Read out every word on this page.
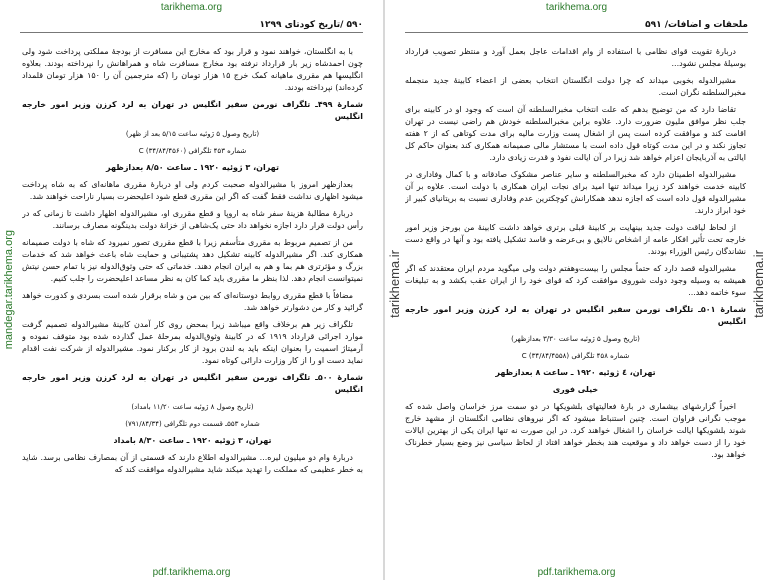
tarikhema.org
۵۹۰ /تاریخ کودتای ۱۲۹۹

با به انگلستان، خواهند نمود و قرار بود که مخارج این مسافرت از بودجهٔ مملکتی پرداخت شود ولی چون احمدشاه زیر بار قرارداد نرفته بود مخارج مسافرت شاه و همراهانش را نپرداخته بودند. بعلاوه انگلیسها هم مقرری ماهیانه کمک خرج ۱۵ هزار تومان را (که مترجمین آن را ۱۵۰ هزار تومان قلمداد کرده‌اند) نپرداخته بودند.

شمارهٔ ۴۹۹ـ تلگراف نورمن سفیر انگلیس در تهران به لرد کرزن وزیر امور خارجه انگلیس

(تاریخ وصول ۵ ژوئیه ساعت ۵/۱۵ بعد از ظهر)

شماره ۴۵۳ تلگرافی (۳۴/۸۴/۴۵۶۰) C

تهران، ۳ ژوئیه ۱۹۲۰ ـ ساعت ۸/۵۰ بعدازظهر

بعدازظهر امروز با مشیرالدوله صحبت کردم ولی او دربارهٔ مقرری ماهانه‌ای که به شاه پرداخت میشود اظهاری نداشت فقط گفت که اگر این مقرری قطع شود اعلیحضرت بسیار ناراحت خواهند شد.

دربارهٔ مطالبهٔ هزینهٔ سفر شاه به اروپا و قطع مقرری او، مشیرالدوله اظهار داشت تا زمانی که در رأس دولت قرار دارد اجازه نخواهد داد حتی یک‌شاهی از خزانهٔ دولت بدینگونه مصارف برسانند.

من از تصمیم مربوط به مقرری متأسفم زیرا با قطع مقرری تصور نمیرود که شاه با دولت صمیمانه همکاری کند. اگر مشیرالدوله کابینه تشکیل دهد پشتیبانی و حمایت شاه باعث خواهد شد که خدمات بزرگ و مؤثرتری هم بما و هم به ایران انجام دهند. خدماتی که حتی وثوق‌الدوله نیز با تمام حسن نیتش نمیتوانست انجام دهد. لذا بنظر ما مقرری باید کما کان به نظر مساعد اعلیحضرت را جلب کنیم.

مضافاً با قطع مقرری روابط دوستانه‌ای که بین من و شاه برقرار شده است بسردی و کدورت خواهد گرائید و کار من دشوارتر خواهد شد.

تلگراف زیر هم برخلاف واقع میباشد زیرا بمحض روی کار آمدن کابینهٔ مشیرالدوله تصمیم گرفت موارد اجرائی قرارداد ۱۹۱۹ که در کابینهٔ وثوق‌الدوله بمرحلهٔ عمل گذارده شده بود متوقف نموده و آرمیتاژ اسمیت را بعنوان اینکه باید به لندن برود از کار برکنار نمود. مشیرالدوله از شرکت نفت اقدام نماید دست او را از کار وزارت دارائی کوتاه نمود.

شمارهٔ ۵۰۰ـ تلگراف نورمن سفیر انگلیس در تهران به لرد کرزن وزیر امور خارجه انگلیس

(تاریخ وصول ۸ ژوئیه ساعت ۱۱/۲۰ بامداد)

شماره ۵۵۳ـ قسمت دوم تلگرافی (۷۹۱/۸۴/۳۴)

تهران، ۳ ژوئیه ۱۹۲۰ ـ ساعت ۸/۳۰ بامداد

دربارهٔ وام دو میلیون لیره... مشیرالدوله اطلاع دارند که قسمتی از آن بمصارف نظامی برسد. شاید به خطر عظیمی که مملکت را تهدید میکند شاید مشیرالدوله موافقت کند که

mandegar.tarikhema.org
pdf.tarikhema.org
tarikhema.org
ملحقات و اضافات/ ۵۹۱

دربارهٔ تقویت قوای نظامی با استفاده از وام اقدامات عاجل بعمل آورد و منتظر تصویب قرارداد بوسیلهٔ مجلس نشود...

مشیرالدوله بخوبی میداند که چرا دولت انگلستان انتخاب بعضی از اعضاء کابینهٔ جدید منجمله مخبرالسلطنه نگران است.

تقاضا دارد که من توضیح بدهم که علت انتخاب مخبرالسلطنه آن است که وجود او در کابینه برای جلب نظر موافق ملیون ضرورت دارد. علاوه براین مخبرالسلطنه خودش هم راضی نیست در تهران اقامت کند و موافقت کرده است پس از اشغال پست وزارت مالیه برای مدت کوتاهی که از ۲ هفته تجاوز نکند و در این مدت کوتاه قول داده است با مستشار مالی صمیمانه همکاری کند بعنوان حاکم کل ایالتی به آذربایجان اعزام خواهد شد زیرا در آن ایالت نفوذ و قدرت زیادی دارد.

مشیرالدوله اطمینان دارد که مخبرالسلطنه و سایر عناصر مشکوک صادقانه و با کمال وفاداری در کابینه خدمت خواهند کرد زیرا میداند تنها امید برای نجات ایران همکاری با دولت است. علاوه بر آن مشیرالدوله قول داده است که اجازه ندهد همکارانش کوچکترین عدم وفاداری نسبت به بریتانیای کبیر از خود ابراز دارند.

از لحاظ لیاقت دولت جدید بینهایت بر کابینهٔ قبلی برتری خواهد داشت کابینهٔ من بورجز وزیر امور خارجه تحت تأثیر افکار عامه از اشخاص ناﻻیق و بی‌عرضه و فاسد تشکیل یافته بود و آنها در واقع دست نشاندگان رئیس الوزراء بودند.

مشیرالدوله قصد دارد که حتماً مجلس را بیست‌وهفتم دولت ولی میگوید مردم ایران معتقدند که اگر همیشه به وسیله وجود دولت شوروی موافقت کرد که قوای خود را از ایران عقب بکشد و به تبلیغات سوء خاتمه دهد...

شمارهٔ ۵۰۱ـ تلگراف نورمن سفیر انگلیس در تهران به لرد کرزن وزیر امور خارجه انگلیس

(تاریخ وصول ۵ ژوئیه ساعت ۳/۳۰ بعدازظهر)

شماره ۴۵۸ تلگرافی (۳۴/۸۴/۴۵۵۸) C

تهران، ٤ ژوئیه ۱۹۲۰ ـ ساعت ۸ بعدازظهر

خیلی فوری

اخیراً گزارشهای بیشماری در بارهٔ فعالیتهای بلشویکها در دو سمت مرز خراسان واصل شده که موجب نگرانی فراوان است. چنین استنباط میشود که اگر نیروهای نظامی انگلستان از مشهد خارج شوند بلشویکها ایالت خراسان را اشغال خواهند کرد. در این صورت نه تنها ایران یکی از بهترین ایالات خود را از دست خواهد داد و موقعیت هند بخطر خواهد افتاد از لحاظ سیاسی نیز وضع بسیار خطرناک خواهد بود.

tarikhema.ir	tarikhema.ir
pdf.tarikhema.org
